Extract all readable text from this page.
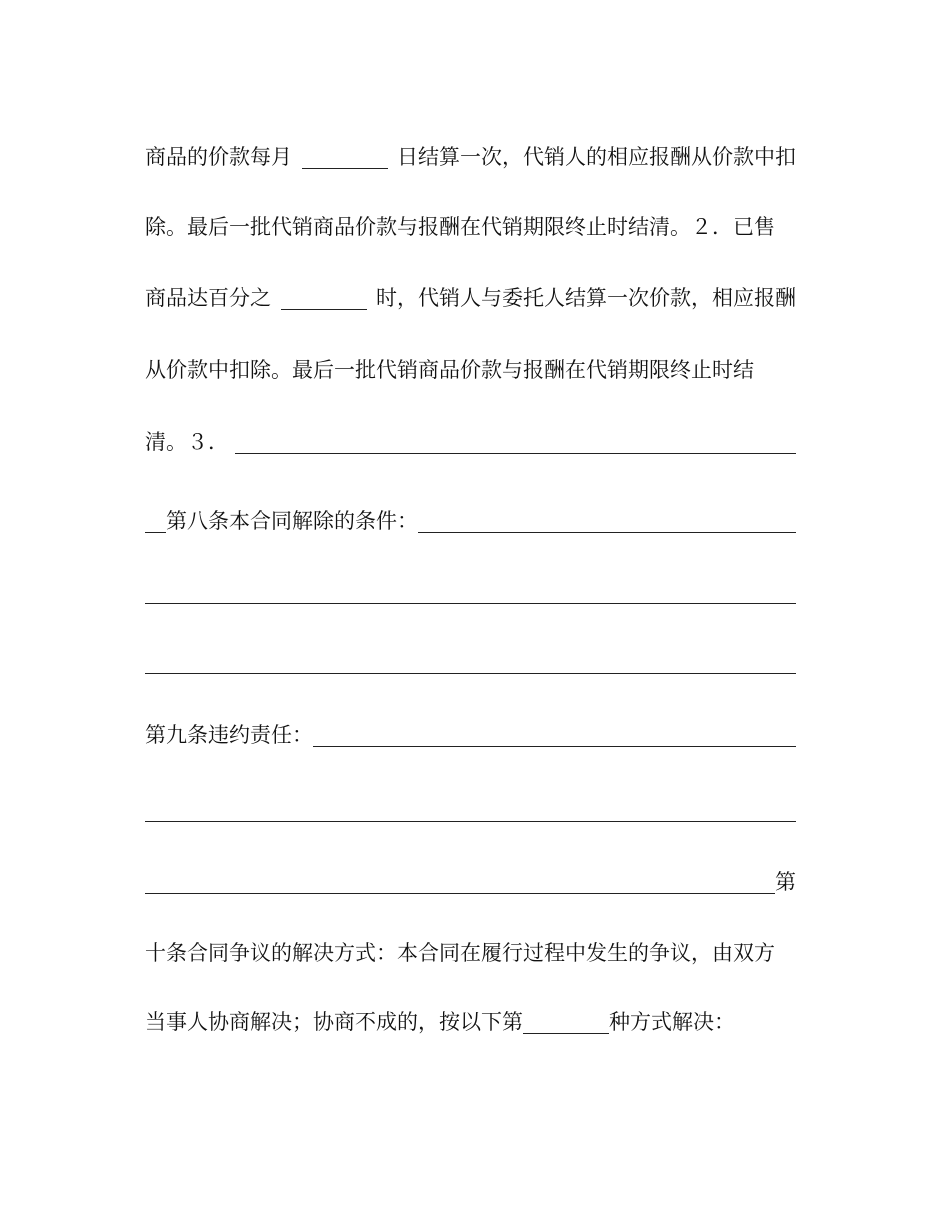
商品的价款每月	日结算一次，代销人的相应报酬从价款中扣
除。最后一批代销商品价款与报酬在代销期限终止时结清。２．已售
商品达百分之	时，代销人与委托人结算一次价款，相应报酬
从价款中扣除。最后一批代销商品价款与报酬在代销期限终止时结
清。３．
第八条本合同解除的条件：
第九条违约责任：
第
十条合同争议的解决方式：本合同在履行过程中发生的争议，由双方
当事人协商解决；协商不成的，按以下第	种方式解决：
